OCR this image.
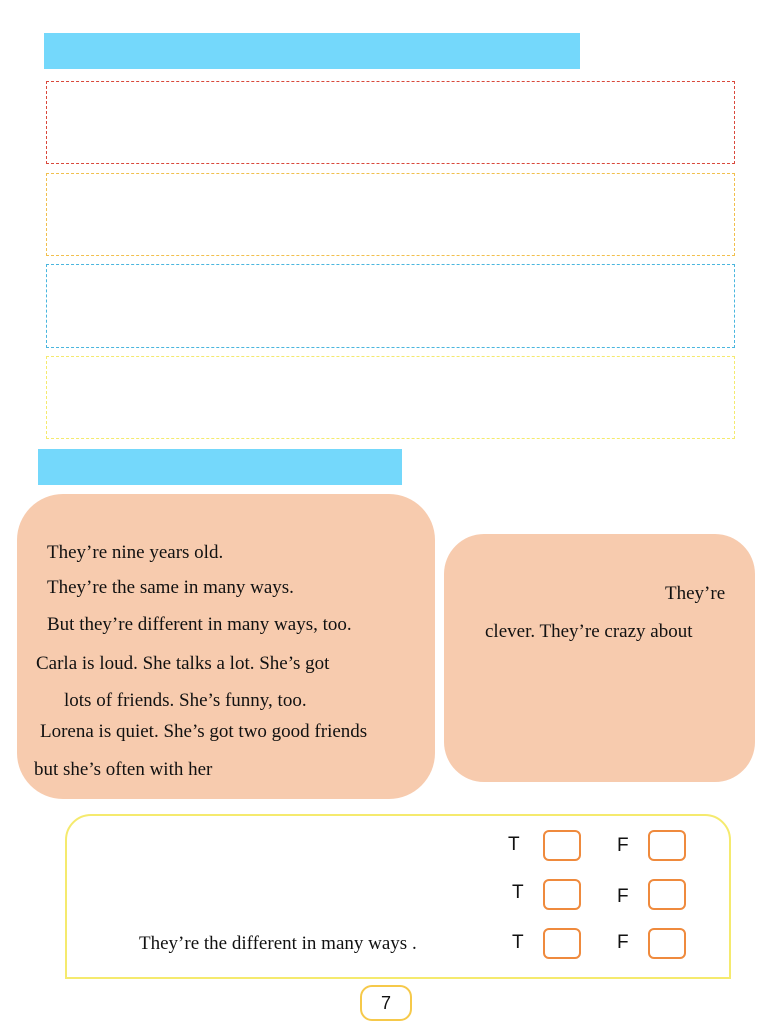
They’re nine years old.
They’re the same in many ways.
But they’re different in many ways, too.
Carla is loud. She talks a lot. She’s got
lots of friends. She’s funny, too.
Lorena is quiet. She’s got two good friends
but she’s often with her
They’re
clever. They’re crazy about
They’re the different in many ways .
T	F
T	F
T	F
7
